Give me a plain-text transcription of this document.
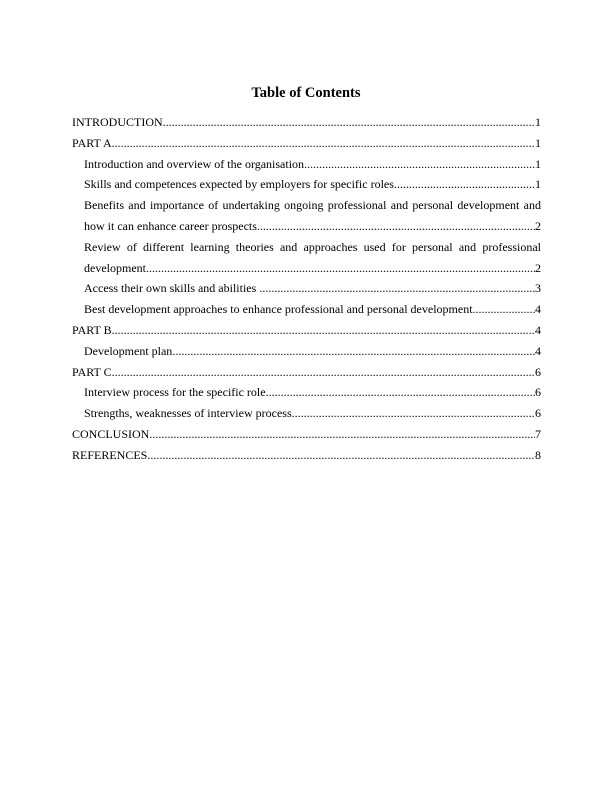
Table of Contents
INTRODUCTION .....	1
PART A .....	1
Introduction and overview of the organisation .....	1
Skills and competences expected by employers for specific roles .....	1
Benefits and importance of undertaking ongoing professional and personal development and
how it can enhance career prospects .....	2
Review of different learning theories and approaches used for personal and professional
development .....	2
Access their own skills and abilities .....	3
Best development approaches to enhance professional and personal development .....	4
PART B .....	4
Development plan .....	4
PART C .....	6
Interview process for the specific role .....	6
Strengths, weaknesses of interview process .....	6
CONCLUSION .....	7
REFERENCES .....	8
